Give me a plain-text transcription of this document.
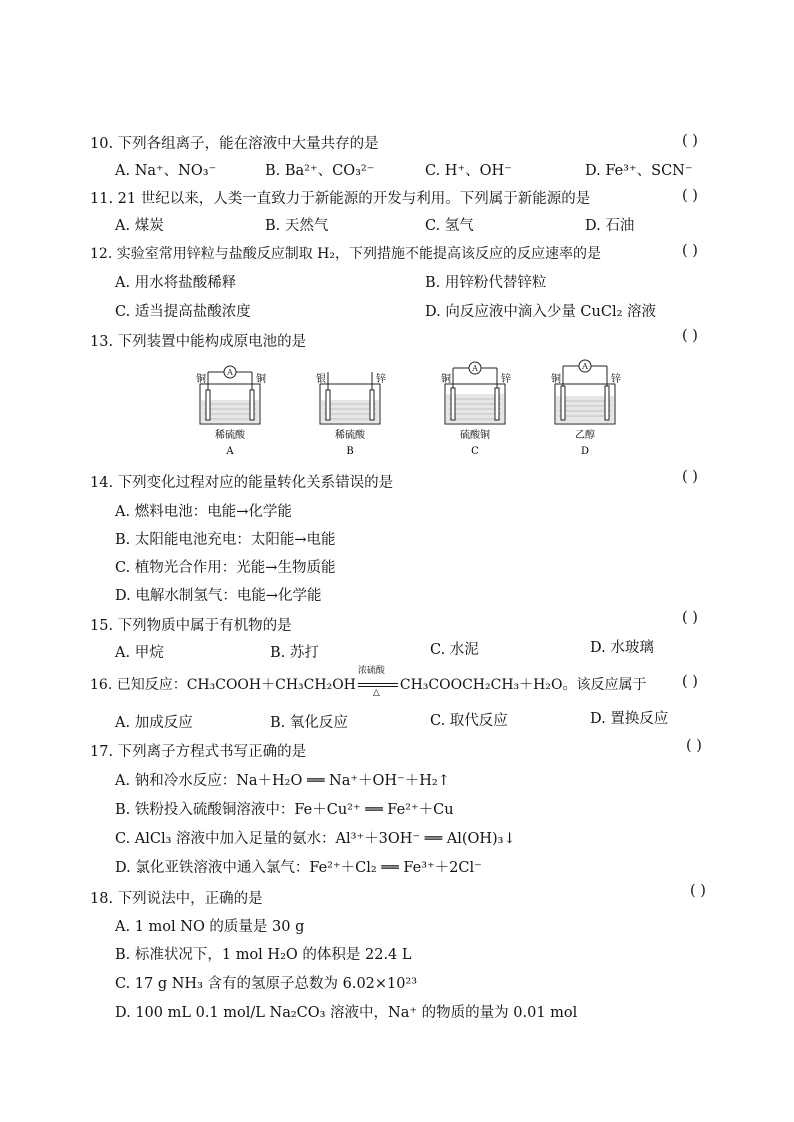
10. 下列各组离子，能在溶液中大量共存的是	( )
A. Na⁺、NO₃⁻	B. Ba²⁺、CO₃²⁻	C. H⁺、OH⁻	D. Fe³⁺、SCN⁻
11. 21 世纪以来，人类一直致力于新能源的开发与利用。下列属于新能源的是	( )
A. 煤炭	B. 天然气	C. 氢气	D. 石油
12. 实验室常用锌粒与盐酸反应制取 H₂，下列措施不能提高该反应的反应速率的是	( )
A. 用水将盐酸稀释	B. 用锌粉代替锌粒
C. 适当提高盐酸浓度	D. 向反应液中滴入少量 CuCl₂ 溶液
13. 下列装置中能构成原电池的是	( )
A
铜	铜
稀硫酸
A
银	锌
稀硫酸
B
A
铜	锌
硫酸铜
C
A
铜	锌
乙醇
D
14. 下列变化过程对应的能量转化关系错误的是	( )
A. 燃料电池：电能→化学能
B. 太阳能电池充电：太阳能→电能
C. 植物光合作用：光能→生物质能
D. 电解水制氢气：电能→化学能
15. 下列物质中属于有机物的是	( )
A. 甲烷	B. 苏打	C. 水泥	D. 水玻璃
16. 已知反应：CH₃COOH＋CH₃CH₂OH
浓硫酸
△ CH₃COOCH₂CH₃＋H₂O。该反应属于 ( )
A. 加成反应	B. 氧化反应	C. 取代反应	D. 置换反应
17. 下列离子方程式书写正确的是	( )
A. 钠和冷水反应：Na＋H₂O ══ Na⁺＋OH⁻＋H₂↑
B. 铁粉投入硫酸铜溶液中：Fe＋Cu²⁺ ══ Fe²⁺＋Cu
C. AlCl₃ 溶液中加入足量的氨水：Al³⁺＋3OH⁻ ══ Al(OH)₃↓
D. 氯化亚铁溶液中通入氯气：Fe²⁺＋Cl₂ ══ Fe³⁺＋2Cl⁻
18. 下列说法中，正确的是	( )
A. 1 mol NO 的质量是 30 g
B. 标准状况下，1 mol H₂O 的体积是 22.4 L
C. 17 g NH₃ 含有的氢原子总数为 6.02×10²³
D. 100 mL 0.1 mol/L Na₂CO₃ 溶液中，Na⁺ 的物质的量为 0.01 mol
